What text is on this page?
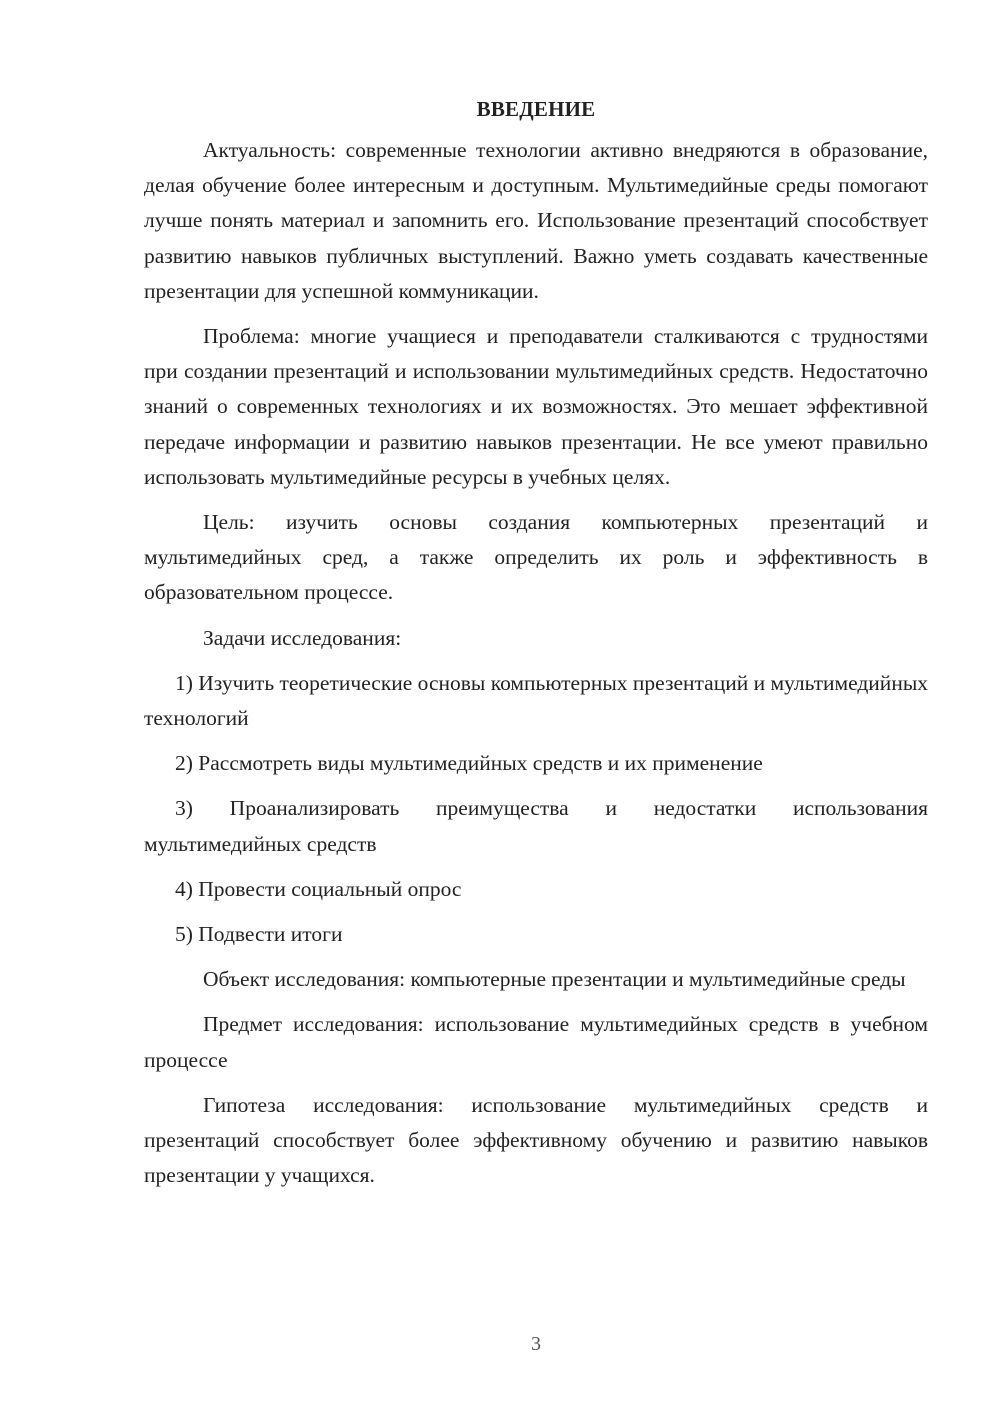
ВВЕДЕНИЕ

Актуальность: современные технологии активно внедряются в образование, делая обучение более интересным и доступным. Мультимедийные среды помогают лучше понять материал и запомнить его. Использование презентаций способствует развитию навыков публичных выступлений. Важно уметь создавать качественные презентации для успешной коммуникации.

Проблема: многие учащиеся и преподаватели сталкиваются с трудностями при создании презентаций и использовании мультимедийных средств. Недостаточно знаний о современных технологиях и их возможностях. Это мешает эффективной передаче информации и развитию навыков презентации. Не все умеют правильно использовать мультимедийные ресурсы в учебных целях.

Цель: изучить основы создания компьютерных презентаций и мультимедийных сред, а также определить их роль и эффективность в образовательном процессе.

Задачи исследования:

1) Изучить теоретические основы компьютерных презентаций и мультимедийных технологий

2) Рассмотреть виды мультимедийных средств и их применение

3) Проанализировать преимущества и недостатки использования мультимедийных средств

4) Провести социальный опрос

5) Подвести итоги

Объект исследования: компьютерные презентации и мультимедийные среды

Предмет исследования: использование мультимедийных средств в учебном процессе

Гипотеза исследования: использование мультимедийных средств и презентаций способствует более эффективному обучению и развитию навыков презентации у учащихся.

3
